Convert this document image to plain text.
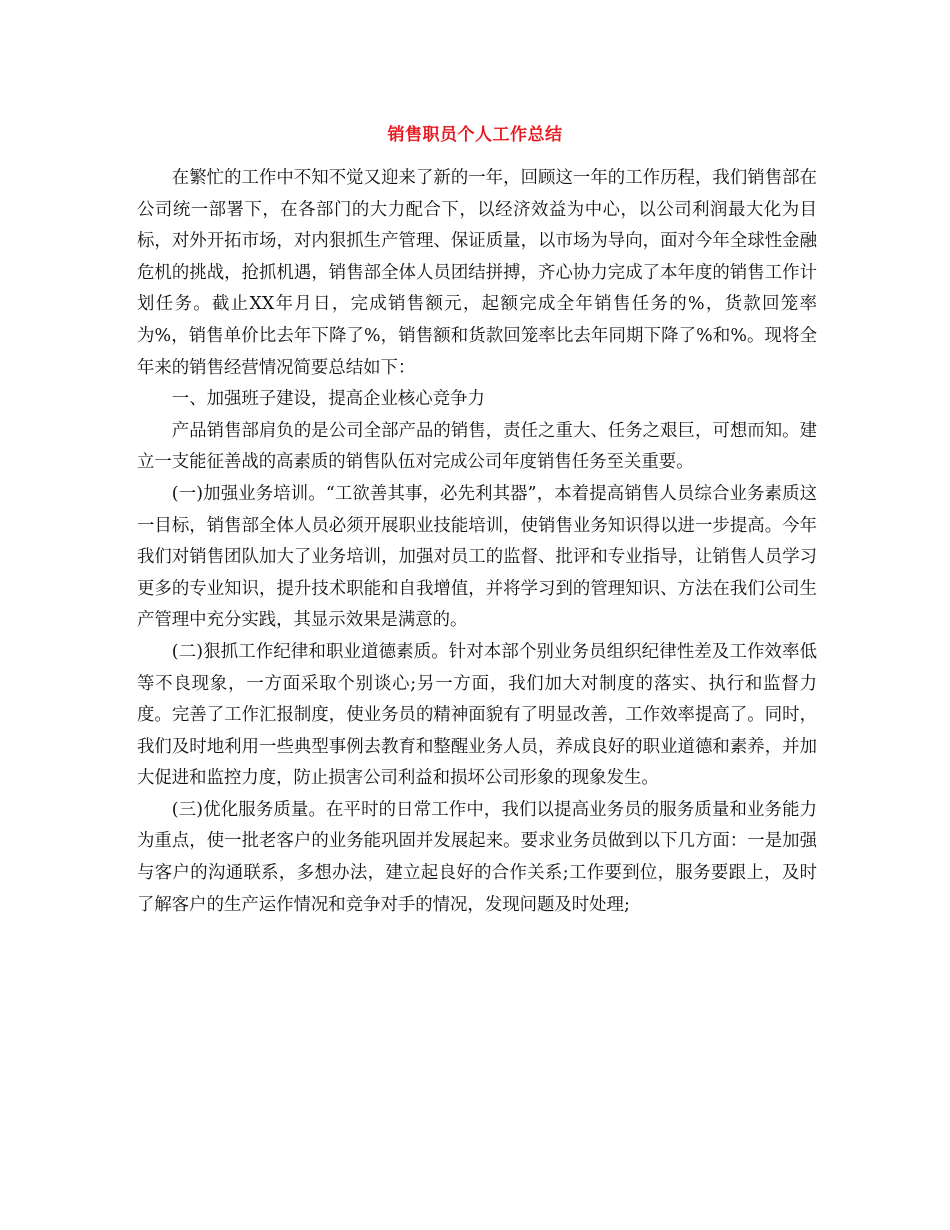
销售职员个人工作总结

在繁忙的工作中不知不觉又迎来了新的一年，回顾这一年的工作历程，我们销售部在公司统一部署下，在各部门的大力配合下，以经济效益为中心，以公司利润最大化为目标，对外开拓市场，对内狠抓生产管理、保证质量，以市场为导向，面对今年全球性金融危机的挑战，抢抓机遇，销售部全体人员团结拼搏，齐心协力完成了本年度的销售工作计划任务。截止XX年月日，完成销售额元，起额完成全年销售任务的%，货款回笼率为%，销售单价比去年下降了%，销售额和货款回笼率比去年同期下降了%和%。现将全年来的销售经营情况简要总结如下：

一、加强班子建设，提高企业核心竞争力

产品销售部肩负的是公司全部产品的销售，责任之重大、任务之艰巨，可想而知。建立一支能征善战的高素质的销售队伍对完成公司年度销售任务至关重要。

(一)加强业务培训。“工欲善其事，必先利其器”，本着提高销售人员综合业务素质这一目标，销售部全体人员必须开展职业技能培训，使销售业务知识得以进一步提高。今年我们对销售团队加大了业务培训，加强对员工的监督、批评和专业指导，让销售人员学习更多的专业知识，提升技术职能和自我增值，并将学习到的管理知识、方法在我们公司生产管理中充分实践，其显示效果是满意的。

(二)狠抓工作纪律和职业道德素质。针对本部个别业务员组织纪律性差及工作效率低等不良现象，一方面采取个别谈心;另一方面，我们加大对制度的落实、执行和监督力度。完善了工作汇报制度，使业务员的精神面貌有了明显改善，工作效率提高了。同时，我们及时地利用一些典型事例去教育和整醒业务人员，养成良好的职业道德和素养，并加大促进和监控力度，防止损害公司利益和损坏公司形象的现象发生。

(三)优化服务质量。在平时的日常工作中，我们以提高业务员的服务质量和业务能力为重点，使一批老客户的业务能巩固并发展起来。要求业务员做到以下几方面：一是加强与客户的沟通联系，多想办法，建立起良好的合作关系;工作要到位，服务要跟上，及时了解客户的生产运作情况和竞争对手的情况，发现问题及时处理;
